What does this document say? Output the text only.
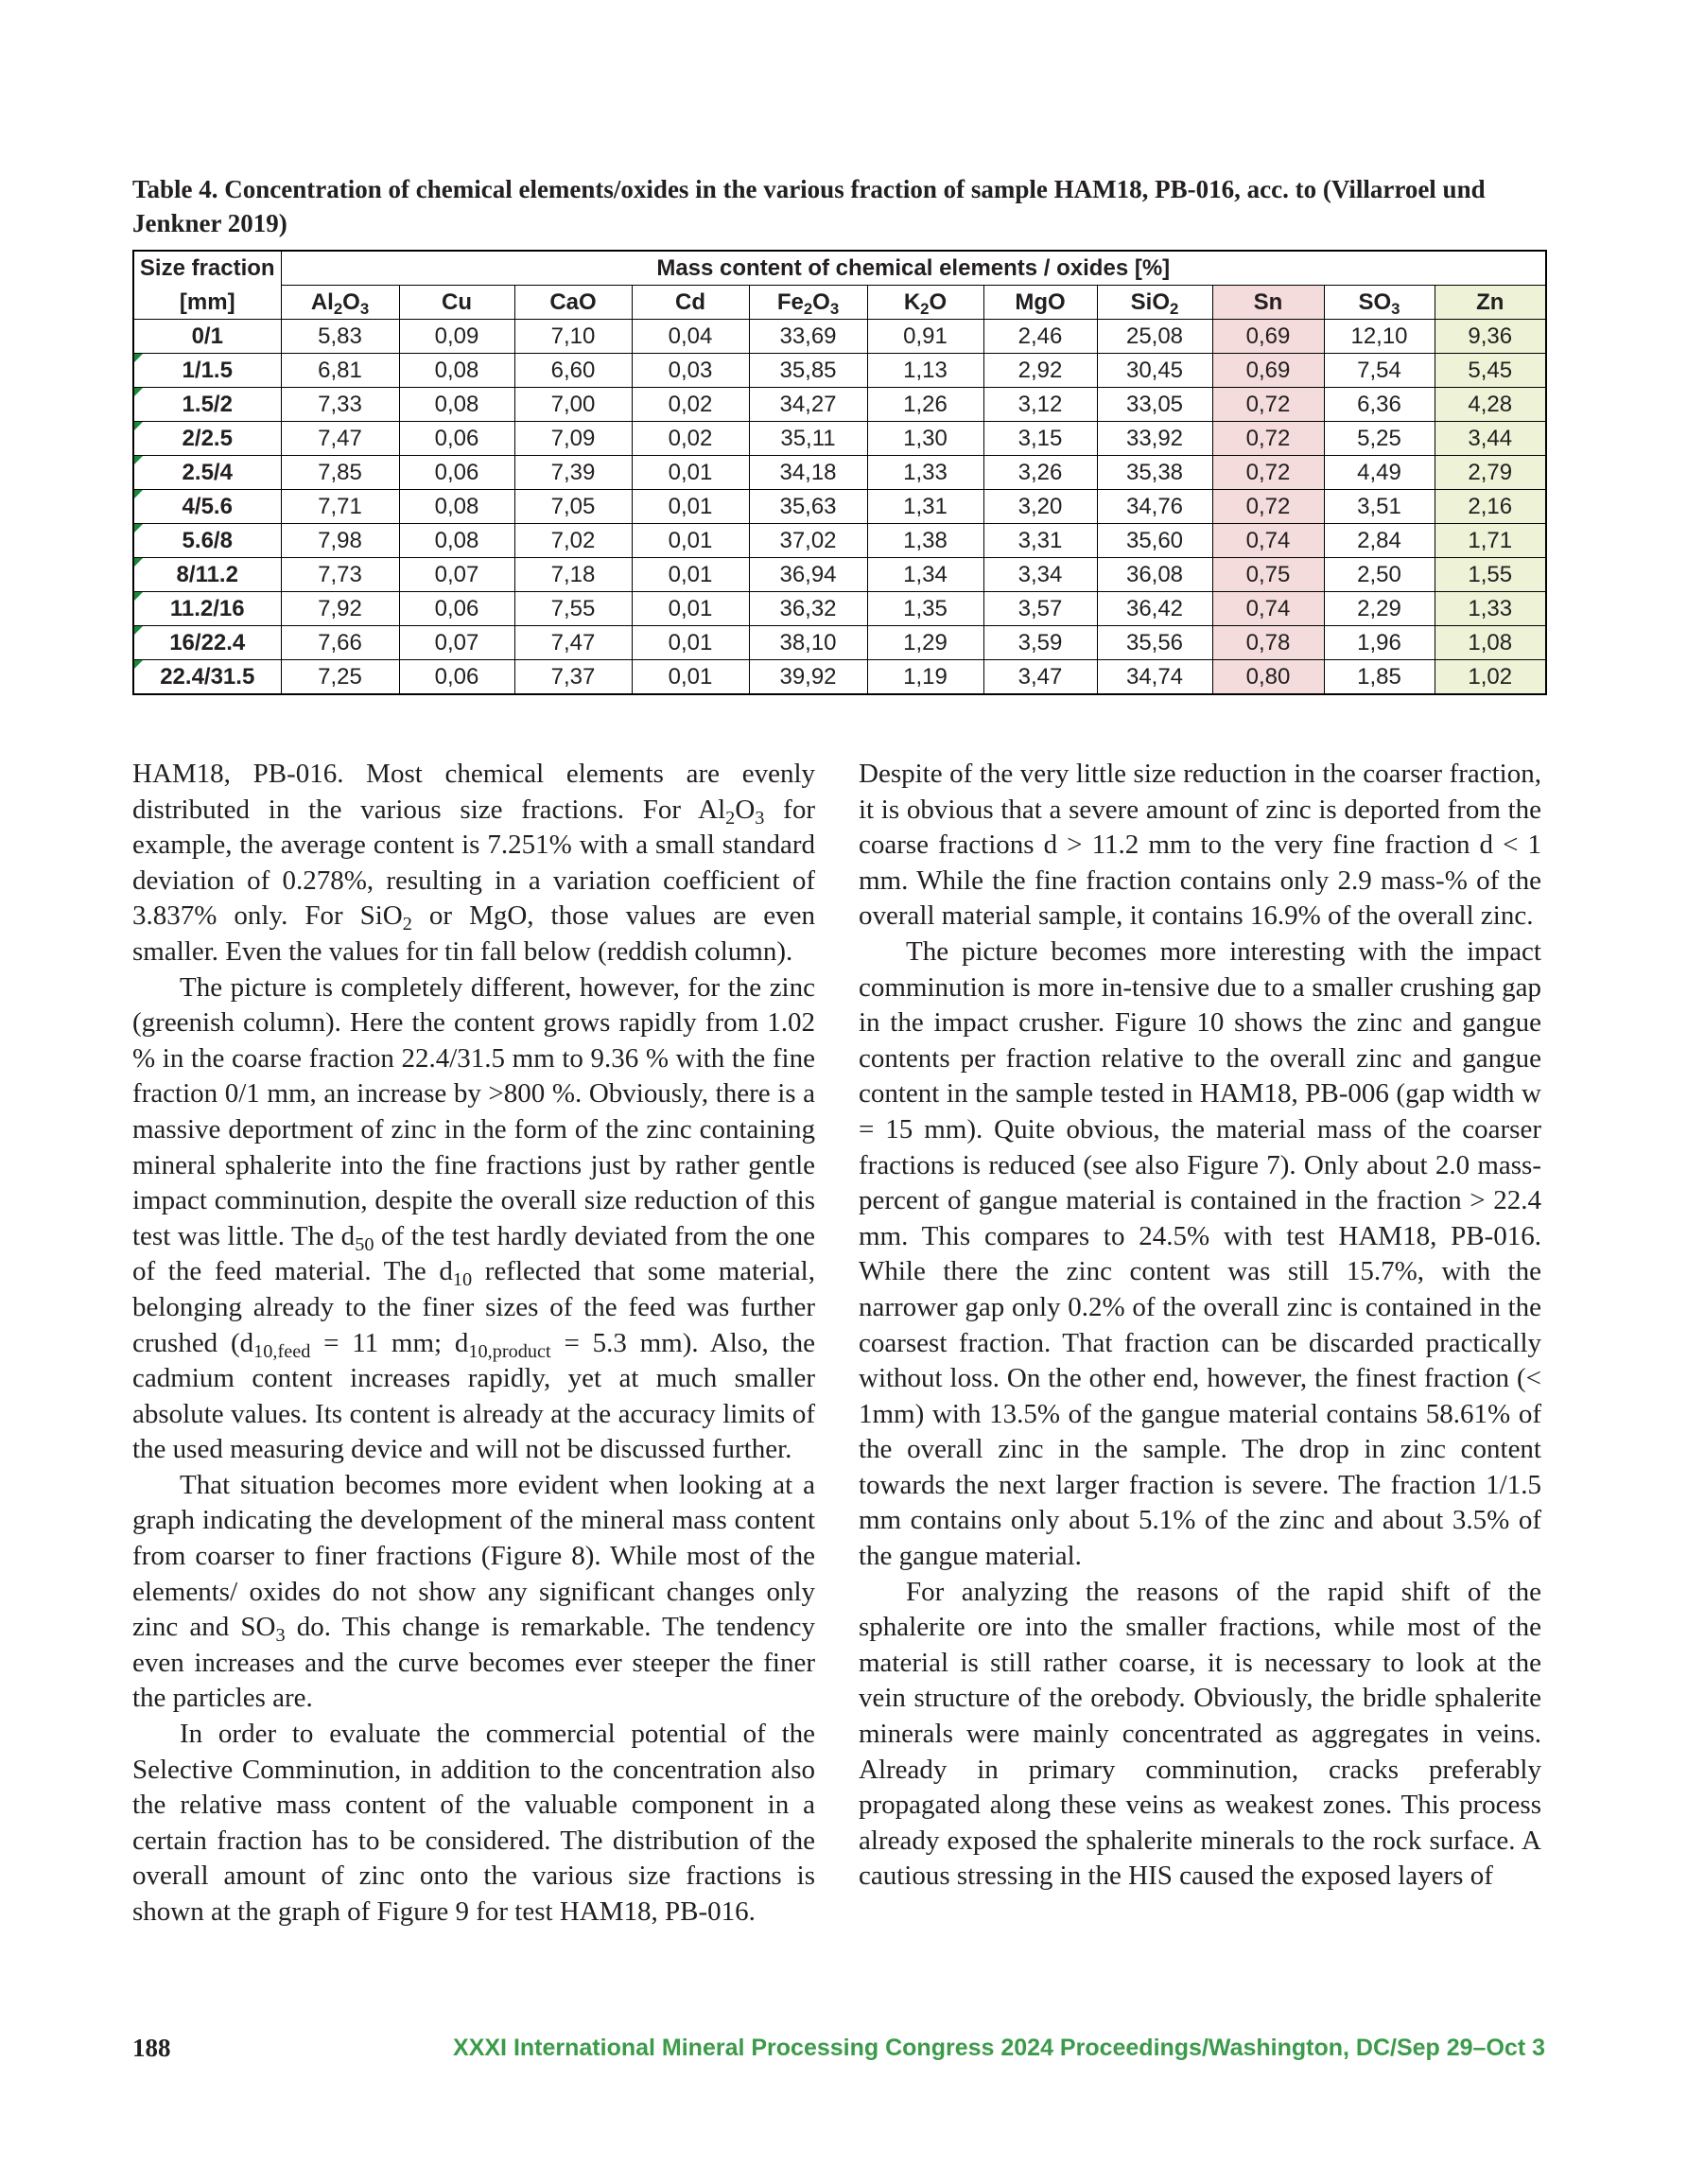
Table 4. Concentration of chemical elements/oxides in the various fraction of sample HAM18, PB-016, acc. to (Villarroel und Jenkner 2019)
Size fraction	Mass content of chemical elements / oxides [%]										
[mm]	$Al_2O_3$	Cu	CaO	Cd	$Fe_2O_3$	$K_2O$	MgO	SiO$_2$	Sn	$SO_3$	Zn
0/1	5,83	0,09	7,10	0,04	33,69	0,91	2,46	25,08	0,69	12,10	9,36
1/1.5	6,81	0,08	6,60	0,03	35,85	1,13	2,92	30,45	0,69	7,54	5,45
1.5/2	7,33	0,08	7,00	0,02	34,27	1,26	3,12	33,05	0,72	6,36	4,28
2/2.5	7,47	0,06	7,09	0,02	35,11	1,30	3,15	33,92	0,72	5,25	3,44
2.5/4	7,85	0,06	7,39	0,01	34,18	1,33	3,26	35,38	0,72	4,49	2,79
4/5.6	7,71	0,08	7,05	0,01	35,63	1,31	3,20	34,76	0,72	3,51	2,16
5.6/8	7,98	0,08	7,02	0,01	37,02	1,38	3,31	35,60	0,74	2,84	1,71
8/11.2	7,73	0,07	7,18	0,01	36,94	1,34	3,34	36,08	0,75	2,50	1,55
11.2/16	7,92	0,06	7,55	0,01	36,32	1,35	3,57	36,42	0,74	2,29	1,33
16/22.4	7,66	0,07	7,47	0,01	38,10	1,29	3,59	35,56	0,78	1,96	1,08
22.4/31.5	7,25	0,06	7,37	0,01	39,92	1,19	3,47	34,74	0,80	1,85	1,02

HAM18, PB-016. Most chemical elements are evenly distributed in the various size fractions. For $Al_2O_3$ for example, the average content is 7.251% with a small standard deviation of 0.278%, resulting in a variation coefficient of 3.837% only. For SiO$_2$ or MgO, those values are even smaller. Even the values for tin fall below (reddish column).

The picture is completely different, however, for the zinc (greenish column). Here the content grows rapidly from 1.02 % in the coarse fraction 22.4/31.5 mm to 9.36 % with the fine fraction 0/1 mm, an increase by >800 %. Obviously, there is a massive deportment of zinc in the form of the zinc containing mineral sphalerite into the fine fractions just by rather gentle impact comminution, despite the overall size reduction of this test was little. The $d_{50}$ of the test hardly deviated from the one of the feed material. The $d_{10}$ reflected that some material, belonging already to the finer sizes of the feed was further crushed ($d_{10,feed} = 11$ mm; $d_{10,product} = 5.3$ mm). Also, the cadmium content increases rapidly, yet at much smaller absolute values. Its content is already at the accuracy limits of the used measuring device and will not be discussed further.

That situation becomes more evident when looking at a graph indicating the development of the mineral mass content from coarser to finer fractions (Figure 8). While most of the elements/ oxides do not show any significant changes only zinc and $SO_3$ do. This change is remarkable. The tendency even increases and the curve becomes ever steeper the finer the particles are.

In order to evaluate the commercial potential of the Selective Comminution, in addition to the concentration also the relative mass content of the valuable component in a certain fraction has to be considered. The distribution of the overall amount of zinc onto the various size fractions is shown at the graph of Figure 9 for test HAM18, PB-016.

Despite of the very little size reduction in the coarser fraction, it is obvious that a severe amount of zinc is deported from the coarse fractions d > 11.2 mm to the very fine fraction d < 1 mm. While the fine fraction contains only 2.9 mass-% of the overall material sample, it contains 16.9% of the overall zinc.

The picture becomes more interesting with the impact comminution is more in-tensive due to a smaller crushing gap in the impact crusher. Figure 10 shows the zinc and gangue contents per fraction relative to the overall zinc and gangue content in the sample tested in HAM18, PB-006 (gap width w = 15 mm). Quite obvious, the material mass of the coarser fractions is reduced (see also Figure 7). Only about 2.0 mass-percent of gangue material is contained in the fraction > 22.4 mm. This compares to 24.5% with test HAM18, PB-016. While there the zinc content was still 15.7%, with the narrower gap only 0.2% of the overall zinc is contained in the coarsest fraction. That fraction can be discarded practically without loss. On the other end, however, the finest fraction (< 1mm) with 13.5% of the gangue material contains 58.61% of the overall zinc in the sample. The drop in zinc content towards the next larger fraction is severe. The fraction 1/1.5 mm contains only about 5.1% of the zinc and about 3.5% of the gangue material.

For analyzing the reasons of the rapid shift of the sphalerite ore into the smaller fractions, while most of the material is still rather coarse, it is necessary to look at the vein structure of the orebody. Obviously, the bridle sphalerite minerals were mainly concentrated as aggregates in veins. Already in primary comminution, cracks preferably propagated along these veins as weakest zones. This process already exposed the sphalerite minerals to the rock surface. A cautious stressing in the HIS caused the exposed layers of

188	XXXI International Mineral Processing Congress 2024 Proceedings/Washington, DC/Sep 29–Oct 3
